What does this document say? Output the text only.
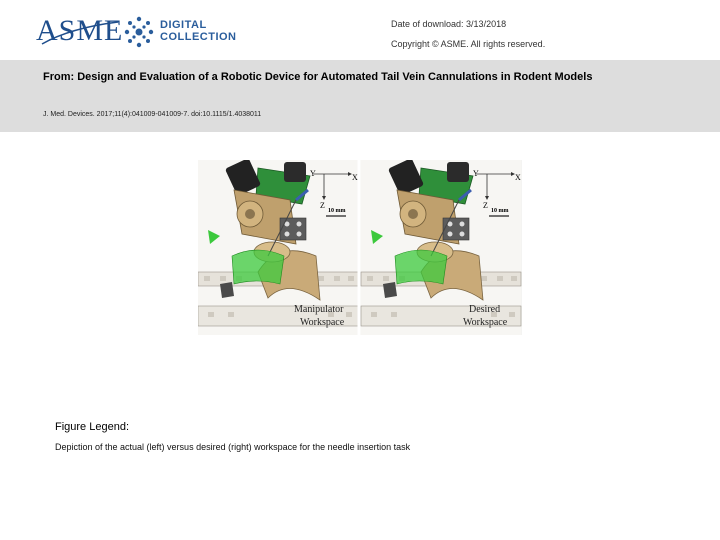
ASME	DIGITAL
COLLECTION
Date of download: 3/13/2018
Copyright © ASME. All rights reserved.
From: Design and Evaluation of a Robotic Device for Automated Tail Vein Cannulations in Rodent Models
J. Med. Devices. 2017;11(4):041009-041009-7. doi:10.1115/1.4038011
Y	X
Z
10 mm
Manipulator
Workspace
Y	X
Z
10 mm
Desired
Workspace
Figure Legend:
Depiction of the actual (left) versus desired (right) workspace for the needle insertion task
